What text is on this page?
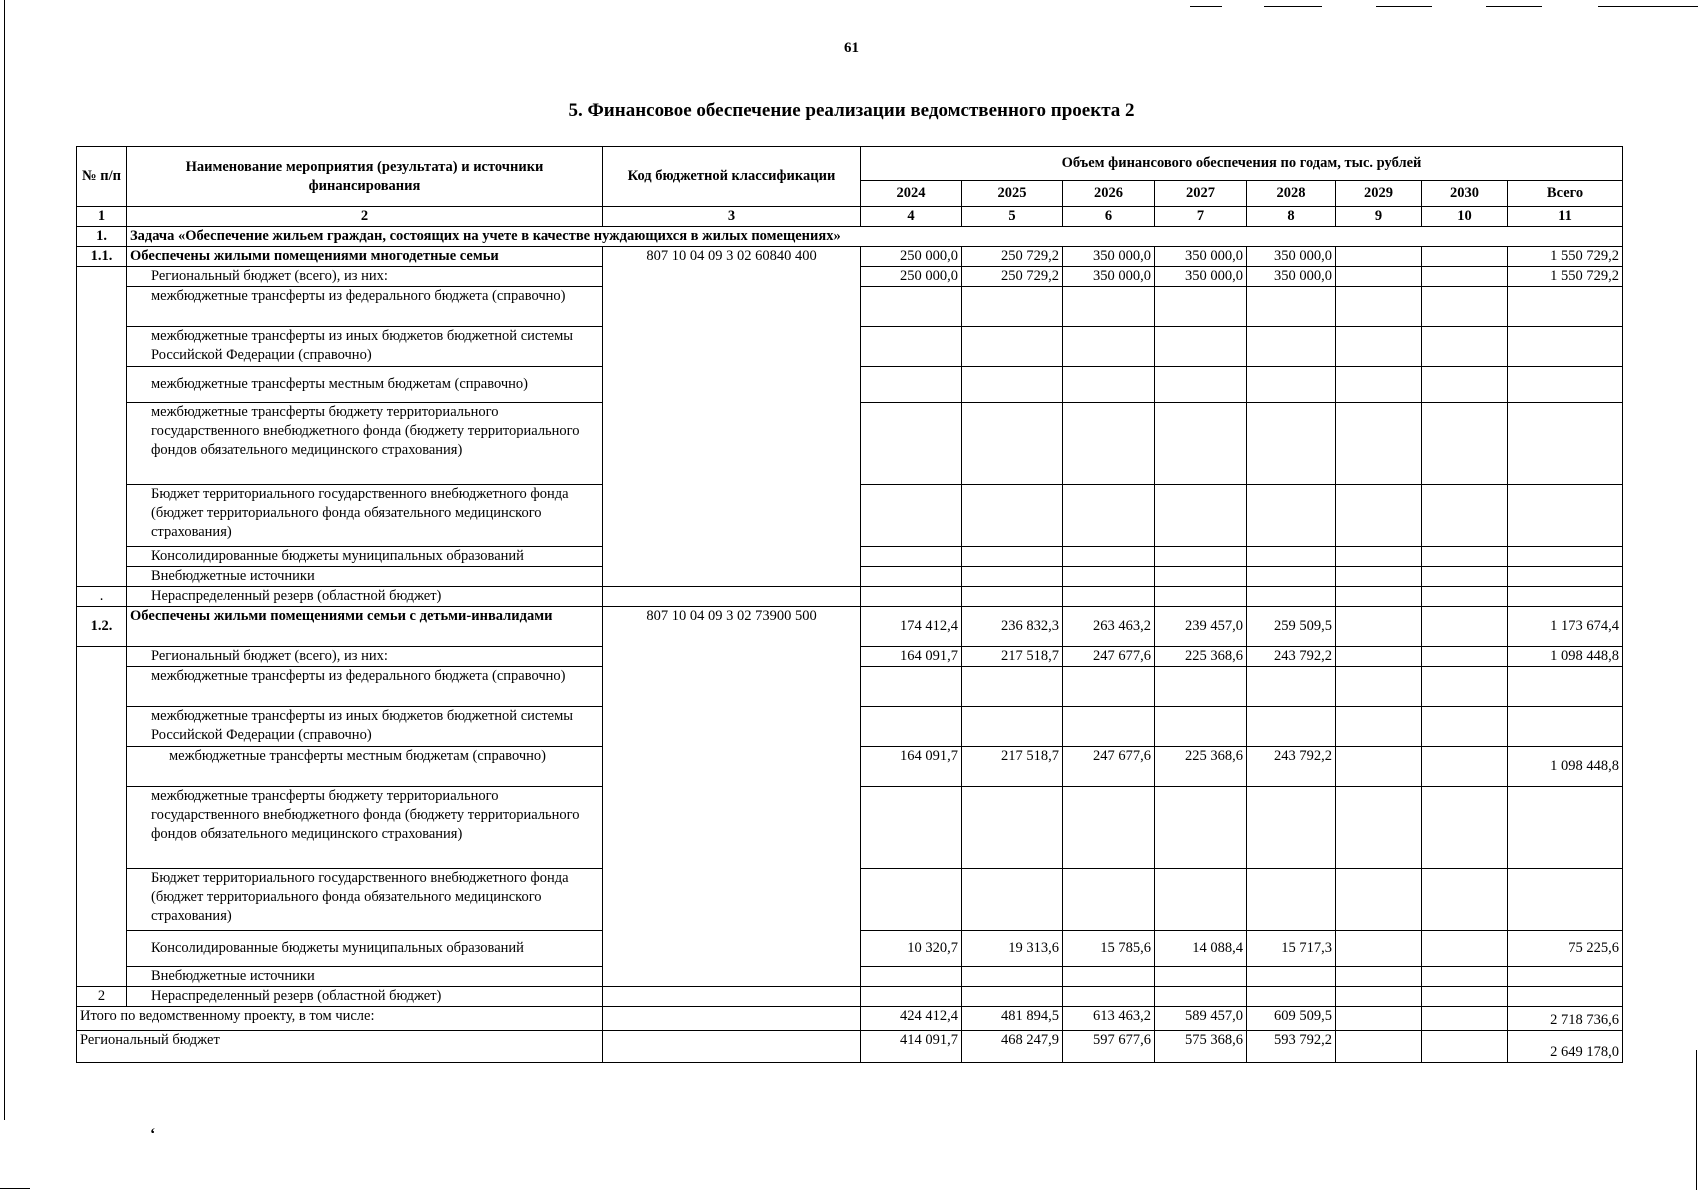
‘
61
5. Финансовое обеспечение реализации ведомственного проекта 2
№ п/п	Наименование мероприятия (результата) и источники финансирования	Код бюджетной классификации	Объем финансового обеспечения по годам, тыс. рублей							
			2024	2025	2026	2027	2028	2029	2030	Всего
1	2	3	4	5	6	7	8	9	10	11
1.	Задача «Обеспечение жильем граждан, состоящих на учете в качестве нуждающихся в жилых помещениях»									
1.1.	Обеспечены жилыми помещениями многодетные семьи	807 10 04 09 3 02 60840 400	250 000,0	250 729,2	350 000,0	350 000,0	350 000,0			1 550 729,2
	Региональный бюджет (всего), из них:		250 000,0	250 729,2	350 000,0	350 000,0	350 000,0			1 550 729,2
	межбюджетные трансферты из федерального бюджета (справочно)									
	межбюджетные трансферты из иных бюджетов бюджетной системы Российской Федерации (справочно)									
	межбюджетные трансферты местным бюджетам (справочно)									
	межбюджетные трансферты бюджету территориального государственного внебюджетного фонда (бюджету территориального фондов обязательного медицинского страхования)									
	Бюджет территориального государственного внебюджетного фонда (бюджет территориального фонда обязательного медицинского страхования)									
	Консолидированные бюджеты муниципальных образований									
	Внебюджетные источники									
.	Нераспределенный резерв (областной бюджет)									
1.2.	Обеспечены жильми помещениями семьи с детьми-инвалидами	807 10 04 09 3 02 73900 500	174 412,4	236 832,3	263 463,2	239 457,0	259 509,5			1 173 674,4
	Региональный бюджет (всего), из них:		164 091,7	217 518,7	247 677,6	225 368,6	243 792,2			1 098 448,8
	межбюджетные трансферты из федерального бюджета (справочно)									
	межбюджетные трансферты из иных бюджетов бюджетной системы Российской Федерации (справочно)									
	межбюджетные трансферты местным бюджетам (справочно)		164 091,7	217 518,7	247 677,6	225 368,6	243 792,2			1 098 448,8
	межбюджетные трансферты бюджету территориального государственного внебюджетного фонда (бюджету территориального фондов обязательного медицинского страхования)									
	Бюджет территориального государственного внебюджетного фонда (бюджет территориального фонда обязательного медицинского страхования)									
	Консолидированные бюджеты муниципальных образований		10 320,7	19 313,6	15 785,6	14 088,4	15 717,3			75 225,6
	Внебюджетные источники									
2	Нераспределенный резерв (областной бюджет)									
Итого по ведомственному проекту, в том числе:			424 412,4	481 894,5	613 463,2	589 457,0	609 509,5			2 718 736,6
Региональный бюджет			414 091,7	468 247,9	597 677,6	575 368,6	593 792,2			2 649 178,0
